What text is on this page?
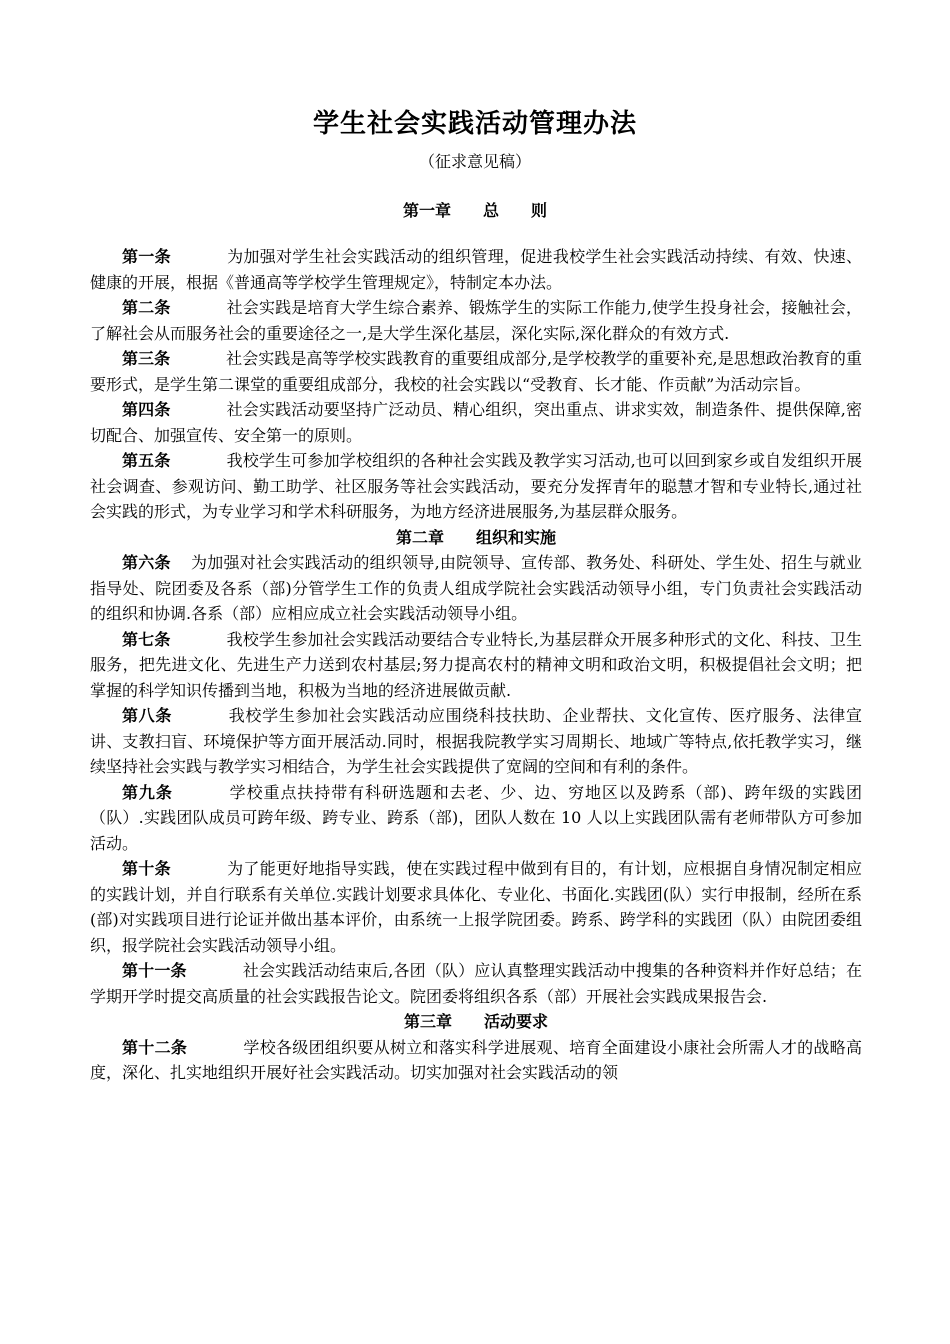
学生社会实践活动管理办法
（征求意见稿）
第一章　　总　　则

第一条	为加强对学生社会实践活动的组织管理，促进我校学生社会实践活动持续、有效、快速、健康的开展，根据《普通高等学校学生管理规定》，特制定本办法。

第二条	社会实践是培育大学生综合素养、锻炼学生的实际工作能力,使学生投身社会，接触社会，了解社会从而服务社会的重要途径之一,是大学生深化基层，深化实际,深化群众的有效方式.

第三条	社会实践是高等学校实践教育的重要组成部分,是学校教学的重要补充,是思想政治教育的重要形式，是学生第二课堂的重要组成部分，我校的社会实践以“受教育、长才能、作贡献”为活动宗旨。

第四条	社会实践活动要坚持广泛动员、精心组织，突出重点、讲求实效，制造条件、提供保障,密切配合、加强宣传、安全第一的原则。

第五条	我校学生可参加学校组织的各种社会实践及教学实习活动,也可以回到家乡或自发组织开展社会调查、参观访问、勤工助学、社区服务等社会实践活动，要充分发挥青年的聪慧才智和专业特长,通过社会实践的形式，为专业学习和学术科研服务，为地方经济进展服务,为基层群众服务。

第二章　　组织和实施

第六条 为加强对社会实践活动的组织领导,由院领导、宣传部、教务处、科研处、学生处、招生与就业指导处、院团委及各系（部)分管学生工作的负责人组成学院社会实践活动领导小组，专门负责社会实践活动的组织和协调.各系（部）应相应成立社会实践活动领导小组。

第七条	我校学生参加社会实践活动要结合专业特长,为基层群众开展多种形式的文化、科技、卫生服务，把先进文化、先进生产力送到农村基层;努力提高农村的精神文明和政治文明，积极提倡社会文明；把掌握的科学知识传播到当地，积极为当地的经济进展做贡献.

第八条	我校学生参加社会实践活动应围绕科技扶助、企业帮扶、文化宣传、医疗服务、法律宣讲、支教扫盲、环境保护等方面开展活动.同时，根据我院教学实习周期长、地域广等特点,依托教学实习，继续坚持社会实践与教学实习相结合，为学生社会实践提供了宽阔的空间和有利的条件。

第九条	学校重点扶持带有科研选题和去老、少、边、穷地区以及跨系（部)、跨年级的实践团（队）.实践团队成员可跨年级、跨专业、跨系（部)，团队人数在 10 人以上实践团队需有老师带队方可参加活动。

第十条	为了能更好地指导实践，使在实践过程中做到有目的，有计划，应根据自身情况制定相应的实践计划，并自行联系有关单位.实践计划要求具体化、专业化、书面化.实践团(队）实行申报制，经所在系(部)对实践项目进行论证并做出基本评价，由系统一上报学院团委。跨系、跨学科的实践团（队）由院团委组织，报学院社会实践活动领导小组。

第十一条	社会实践活动结束后,各团（队）应认真整理实践活动中搜集的各种资料并作好总结；在学期开学时提交高质量的社会实践报告论文。院团委将组织各系（部）开展社会实践成果报告会.

第三章　　活动要求

第十二条	学校各级团组织要从树立和落实科学进展观、培育全面建设小康社会所需人才的战略高度，深化、扎实地组织开展好社会实践活动。切实加强对社会实践活动的领
